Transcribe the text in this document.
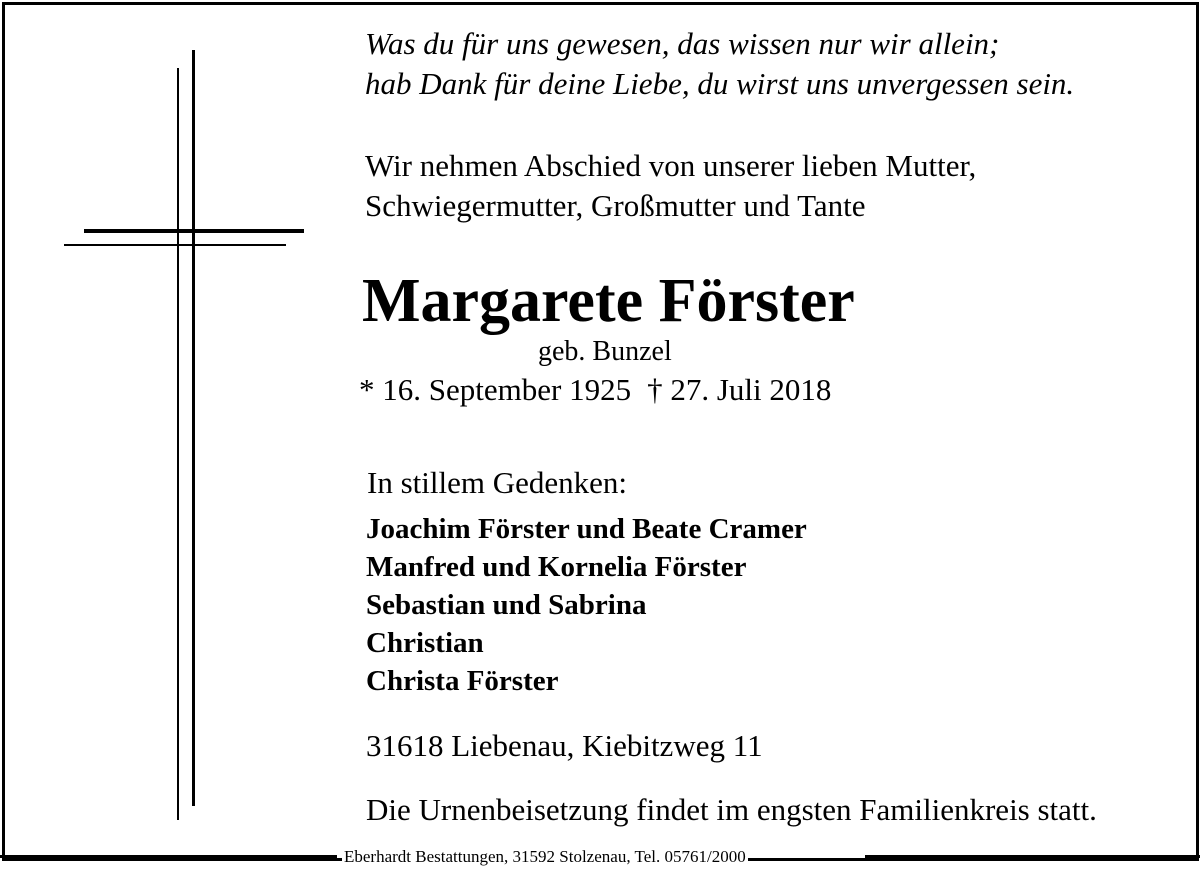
Was du für uns gewesen, das wissen nur wir allein;
hab Dank für deine Liebe, du wirst uns unvergessen sein.
Wir nehmen Abschied von unserer lieben Mutter,
Schwiegermutter, Großmutter und Tante
Margarete Förster
geb. Bunzel
* 16. September 1925 † 27. Juli 2018
In stillem Gedenken:
Joachim Förster und Beate Cramer
Manfred und Kornelia Förster
Sebastian und Sabrina
Christian
Christa Förster
31618 Liebenau, Kiebitzweg 11
Die Urnenbeisetzung findet im engsten Familienkreis statt.
Eberhardt Bestattungen, 31592 Stolzenau, Tel. 05761/2000
